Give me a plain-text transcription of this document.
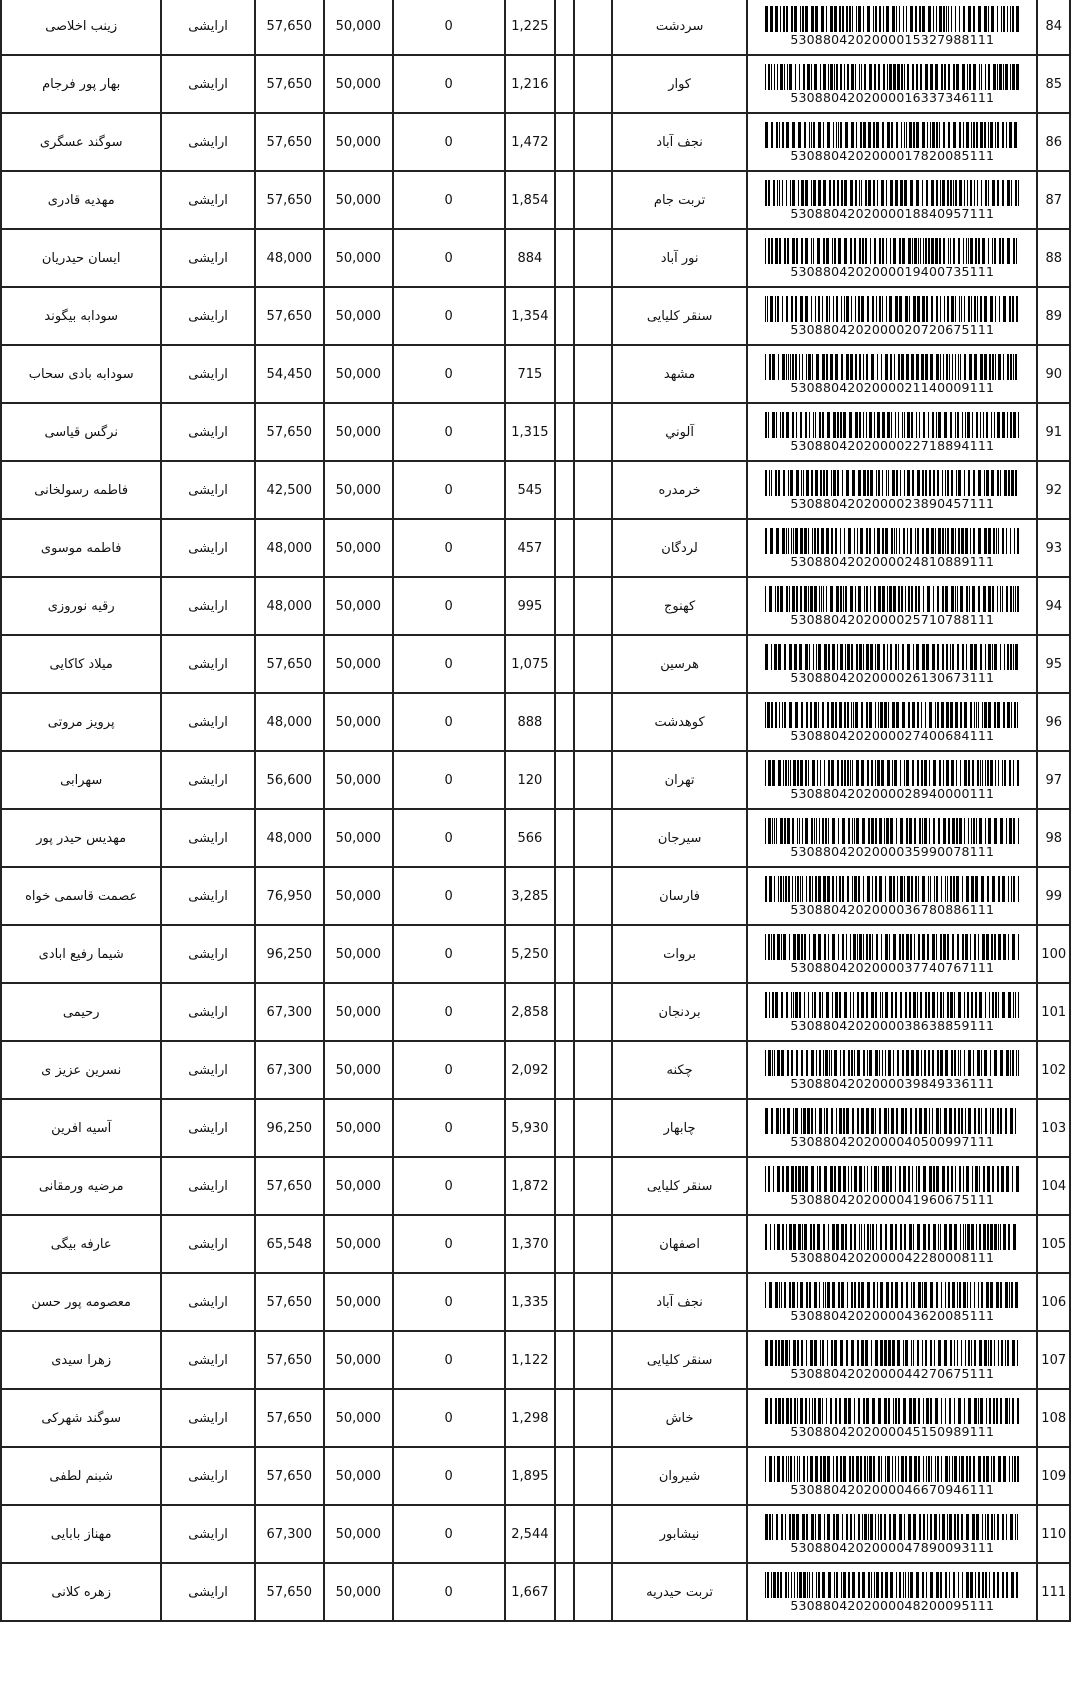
زینب اخلاصی	ارایشی	57,650	50,000	0	1,225			سردشت	5308804202000015327988111	84
بهار پور فرجام	ارایشی	57,650	50,000	0	1,216			کوار	5308804202000016337346111	85
سوگند عسگری	ارایشی	57,650	50,000	0	1,472			نجف آباد	5308804202000017820085111	86
مهدیه قادری	ارایشی	57,650	50,000	0	1,854			تربت جام	5308804202000018840957111	87
ایسان حیدریان	ارایشی	48,000	50,000	0	884			نور آباد	5308804202000019400735111	88
سودابه بیگوند	ارایشی	57,650	50,000	0	1,354			سنقر کلیایی	5308804202000020720675111	89
سودابه بادی سحاب	ارایشی	54,450	50,000	0	715			مشهد	5308804202000021140009111	90
نرگس قیاسی	ارایشی	57,650	50,000	0	1,315			آلوني	5308804202000022718894111	91
فاطمه رسولخانی	ارایشی	42,500	50,000	0	545			خرمدره	5308804202000023890457111	92
فاطمه موسوی	ارایشی	48,000	50,000	0	457			لردگان	5308804202000024810889111	93
رقیه نوروزی	ارایشی	48,000	50,000	0	995			کهنوج	5308804202000025710788111	94
میلاد کاکایی	ارایشی	57,650	50,000	0	1,075			هرسین	5308804202000026130673111	95
پرویز مروتی	ارایشی	48,000	50,000	0	888			کوهدشت	5308804202000027400684111	96
سهرابی	ارایشی	56,600	50,000	0	120			تهران	5308804202000028940000111	97
مهدیس حیدر پور	ارایشی	48,000	50,000	0	566			سیرجان	5308804202000035990078111	98
عصمت قاسمی خواه	ارایشی	76,950	50,000	0	3,285			فارسان	5308804202000036780886111	99
شیما رفیع ابادی	ارایشی	96,250	50,000	0	5,250			بروات	5308804202000037740767111	100
رحیمی	ارایشی	67,300	50,000	0	2,858			بردنجان	5308804202000038638859111	101
نسرین عزیز ی	ارایشی	67,300	50,000	0	2,092			چکنه	5308804202000039849336111	102
آسیه افرین	ارایشی	96,250	50,000	0	5,930			چابهار	5308804202000040500997111	103
مرضیه ورمقانی	ارایشی	57,650	50,000	0	1,872			سنقر کلیایی	5308804202000041960675111	104
عارفه بیگی	ارایشی	65,548	50,000	0	1,370			اصفهان	5308804202000042280008111	105
معصومه پور حسن	ارایشی	57,650	50,000	0	1,335			نجف آباد	5308804202000043620085111	106
زهرا سیدی	ارایشی	57,650	50,000	0	1,122			سنقر کلیایی	5308804202000044270675111	107
سوگند شهرکی	ارایشی	57,650	50,000	0	1,298			خاش	5308804202000045150989111	108
شبنم لطفی	ارایشی	57,650	50,000	0	1,895			شیروان	5308804202000046670946111	109
مهناز بابایی	ارایشی	67,300	50,000	0	2,544			نیشابور	5308804202000047890093111	110
زهره کلانی	ارایشی	57,650	50,000	0	1,667			تربت حیدریه	5308804202000048200095111	111
